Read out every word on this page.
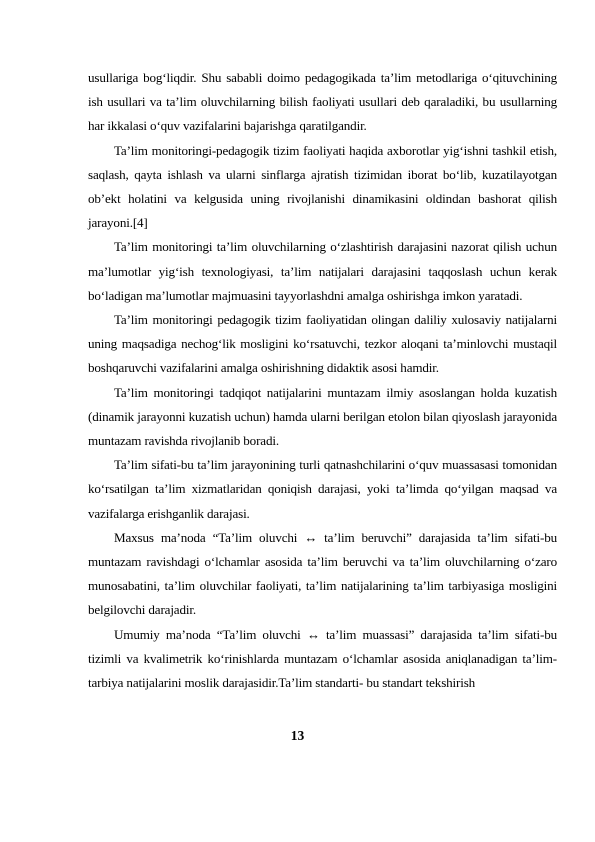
usullariga bog‘liqdir. Shu sababli doimo pedagogikada ta’lim metodlariga o‘qituvchining ish usullari va ta’lim oluvchilarning bilish faoliyati usullari deb qaraladiki, bu usullarning har ikkalasi o‘quv vazifalarini bajarishga qaratilgandir.

Ta’lim monitoringi-pedagogik tizim faoliyati haqida axborotlar yig‘ishni tashkil etish, saqlash, qayta ishlash va ularni sinflarga ajratish tizimidan iborat bo‘lib, kuzatilayotgan ob’ekt holatini va kelgusida uning rivojlanishi dinamikasini oldindan bashorat qilish jarayoni.[4]

Ta’lim monitoringi ta’lim oluvchilarning o‘zlashtirish darajasini nazorat qilish uchun ma’lumotlar yig‘ish texnologiyasi, ta’lim natijalari darajasini taqqoslash uchun kerak bo‘ladigan ma’lumotlar majmuasini tayyorlashdni amalga oshirishga imkon yaratadi.

Ta’lim monitoringi pedagogik tizim faoliyatidan olingan daliliy xulosaviy natijalarni uning maqsadiga nechog‘lik mosligini ko‘rsatuvchi, tezkor aloqani ta’minlovchi mustaqil boshqaruvchi vazifalarini amalga oshirishning didaktik asosi hamdir.

Ta’lim monitoringi tadqiqot natijalarini muntazam ilmiy asoslangan holda kuzatish (dinamik jarayonni kuzatish uchun) hamda ularni berilgan etolon bilan qiyoslash jarayonida muntazam ravishda rivojlanib boradi.

Ta’lim sifati-bu ta’lim jarayonining turli qatnashchilarini o‘quv muassasasi tomonidan ko‘rsatilgan ta’lim xizmatlaridan qoniqish darajasi, yoki ta’limda qo‘yilgan maqsad va vazifalarga erishganlik darajasi.

Maxsus ma’noda “Ta’lim oluvchi ↔ ta’lim beruvchi” darajasida ta’lim sifati-bu muntazam ravishdagi o‘lchamlar asosida ta’lim beruvchi va ta’lim oluvchilarning o‘zaro munosabatini, ta’lim oluvchilar faoliyati, ta’lim natijalarining ta’lim tarbiyasiga mosligini belgilovchi darajadir.

Umumiy ma’noda “Ta’lim oluvchi ↔ ta’lim muassasi” darajasida ta’lim sifati-bu tizimli va kvalimetrik ko‘rinishlarda muntazam o‘lchamlar asosida aniqlanadigan ta’lim-tarbiya natijalarini moslik darajasidir.Ta’lim standarti- bu standart tekshirish

13
